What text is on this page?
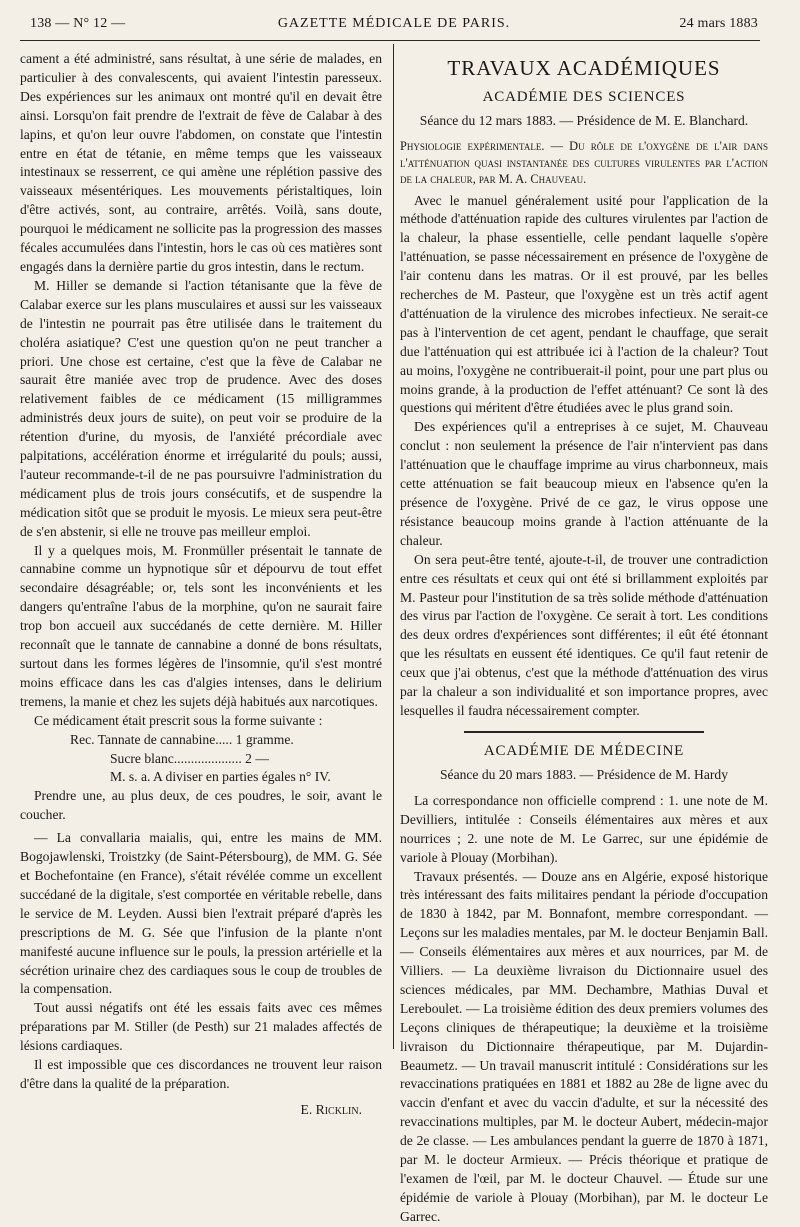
138 — N° 12 —	GAZETTE MÉDICALE DE PARIS.	24 mars 1883

cament a été administré, sans résultat, à une série de malades, en particulier à des convalescents, qui avaient l'intestin paresseux. Des expériences sur les animaux ont montré qu'il en devait être ainsi. Lorsqu'on fait prendre de l'extrait de fève de Calabar à des lapins, et qu'on leur ouvre l'abdomen, on constate que l'intestin entre en état de tétanie, en même temps que les vaisseaux intestinaux se resserrent, ce qui amène une réplétion passive des vaisseaux mésentériques. Les mouvements péristaltiques, loin d'être activés, sont, au contraire, arrêtés. Voilà, sans doute, pourquoi le médicament ne sollicite pas la progression des masses fécales accumulées dans l'intestin, hors le cas où ces matières sont engagés dans la dernière partie du gros intestin, dans le rectum.

M. Hiller se demande si l'action tétanisante que la fève de Calabar exerce sur les plans musculaires et aussi sur les vaisseaux de l'intestin ne pourrait pas être utilisée dans le traitement du choléra asiatique? C'est une question qu'on ne peut trancher a priori. Une chose est certaine, c'est que la fève de Calabar ne saurait être maniée avec trop de prudence. Avec des doses relativement faibles de ce médicament (15 milligrammes administrés deux jours de suite), on peut voir se produire de la rétention d'urine, du myosis, de l'anxiété précordiale avec palpitations, accélération énorme et irrégularité du pouls; aussi, l'auteur recommande-t-il de ne pas poursuivre l'administration du médicament plus de trois jours consécutifs, et de suspendre la médication sitôt que se produit le myosis. Le mieux sera peut-être de s'en abstenir, si elle ne trouve pas meilleur emploi.

Il y a quelques mois, M. Fronmüller présentait le tannate de cannabine comme un hypnotique sûr et dépourvu de tout effet secondaire désagréable; or, tels sont les inconvénients et les dangers qu'entraîne l'abus de la morphine, qu'on ne saurait faire trop bon accueil aux succédanés de cette dernière. M. Hiller reconnaît que le tannate de cannabine a donné de bons résultats, surtout dans les formes légères de l'insomnie, qu'il s'est montré moins efficace dans les cas d'algies intenses, dans le delirium tremens, la manie et chez les sujets déjà habitués aux narcotiques.

Ce médicament était prescrit sous la forme suivante :

Rec. Tannate de cannabine..... 1 gramme.
Sucre blanc.................... 2 —
M. s. a. A diviser en parties égales n° IV.

Prendre une, au plus deux, de ces poudres, le soir, avant le coucher.

— La convallaria maialis, qui, entre les mains de MM. Bogojawlenski, Troistzky (de Saint-Pétersbourg), de MM. G. Sée et Bochefontaine (en France), s'était révélée comme un excellent succédané de la digitale, s'est comportée en véritable rebelle, dans le service de M. Leyden. Aussi bien l'extrait préparé d'après les prescriptions de M. G. Sée que l'infusion de la plante n'ont manifesté aucune influence sur le pouls, la pression artérielle et la sécrétion urinaire chez des cardiaques sous le coup de troubles de la compensation.

Tout aussi négatifs ont été les essais faits avec ces mêmes préparations par M. Stiller (de Pesth) sur 21 malades affectés de lésions cardiaques.

Il est impossible que ces discordances ne trouvent leur raison d'être dans la qualité de la préparation.

E. Ricklin.
TRAVAUX ACADÉMIQUES
ACADÉMIE DES SCIENCES
Séance du 12 mars 1883. — Présidence de M. E. Blanchard.

Physiologie expérimentale. — Du rôle de l'oxygène de l'air dans l'atténuation quasi instantanée des cultures virulentes par l'action de la chaleur, par M. A. Chauveau.

Avec le manuel généralement usité pour l'application de la méthode d'atténuation rapide des cultures virulentes par l'action de la chaleur, la phase essentielle, celle pendant laquelle s'opère l'atténuation, se passe nécessairement en présence de l'oxygène de l'air contenu dans les matras. Or il est prouvé, par les belles recherches de M. Pasteur, que l'oxygène est un très actif agent d'atténuation de la virulence des microbes infectieux. Ne serait-ce pas à l'intervention de cet agent, pendant le chauffage, que serait due l'atténuation qui est attribuée ici à l'action de la chaleur? Tout au moins, l'oxygène ne contribuerait-il point, pour une part plus ou moins grande, à la production de l'effet atténuant? Ce sont là des questions qui méritent d'être étudiées avec le plus grand soin.

Des expériences qu'il a entreprises à ce sujet, M. Chauveau conclut : non seulement la présence de l'air n'intervient pas dans l'atténuation que le chauffage imprime au virus charbonneux, mais cette atténuation se fait beaucoup mieux en l'absence qu'en la présence de l'oxygène. Privé de ce gaz, le virus oppose une résistance beaucoup moins grande à l'action atténuante de la chaleur.

On sera peut-être tenté, ajoute-t-il, de trouver une contradiction entre ces résultats et ceux qui ont été si brillamment exploités par M. Pasteur pour l'institution de sa très solide méthode d'atténuation des virus par l'action de l'oxygène. Ce serait à tort. Les conditions des deux ordres d'expériences sont différentes; il eût été étonnant que les résultats en eussent été identiques. Ce qu'il faut retenir de ceux que j'ai obtenus, c'est que la méthode d'atténuation des virus par la chaleur a son individualité et son importance propres, avec lesquelles il faudra nécessairement compter.

ACADÉMIE DE MÉDECINE
Séance du 20 mars 1883. — Présidence de M. Hardy

La correspondance non officielle comprend : 1. une note de M. Devilliers, intitulée : Conseils élémentaires aux mères et aux nourrices ; 2. une note de M. Le Garrec, sur une épidémie de variole à Plouay (Morbihan).

Travaux présentés. — Douze ans en Algérie, exposé historique très intéressant des faits militaires pendant la période d'occupation de 1830 à 1842, par M. Bonnafont, membre correspondant. — Leçons sur les maladies mentales, par M. le docteur Benjamin Ball. — Conseils élémentaires aux mères et aux nourrices, par M. de Villiers. — La deuxième livraison du Dictionnaire usuel des sciences médicales, par MM. Dechambre, Mathias Duval et Lereboulet. — La troisième édition des deux premiers volumes des Leçons cliniques de thérapeutique; la deuxième et la troisième livraison du Dictionnaire thérapeutique, par M. Dujardin-Beaumetz. — Un travail manuscrit intitulé : Considérations sur les revaccinations pratiquées en 1881 et 1882 au 28e de ligne avec du vaccin d'enfant et avec du vaccin d'adulte, et sur la nécessité des revaccinations multiples, par M. le docteur Aubert, médecin-major de 2e classe. — Les ambulances pendant la guerre de 1870 à 1871, par M. le docteur Armieux. — Précis théorique et pratique de l'examen de l'œil, par M. le docteur Chauvel. — Étude sur une épidémie de variole à Plouay (Morbihan), par M. le docteur Le Garrec.
